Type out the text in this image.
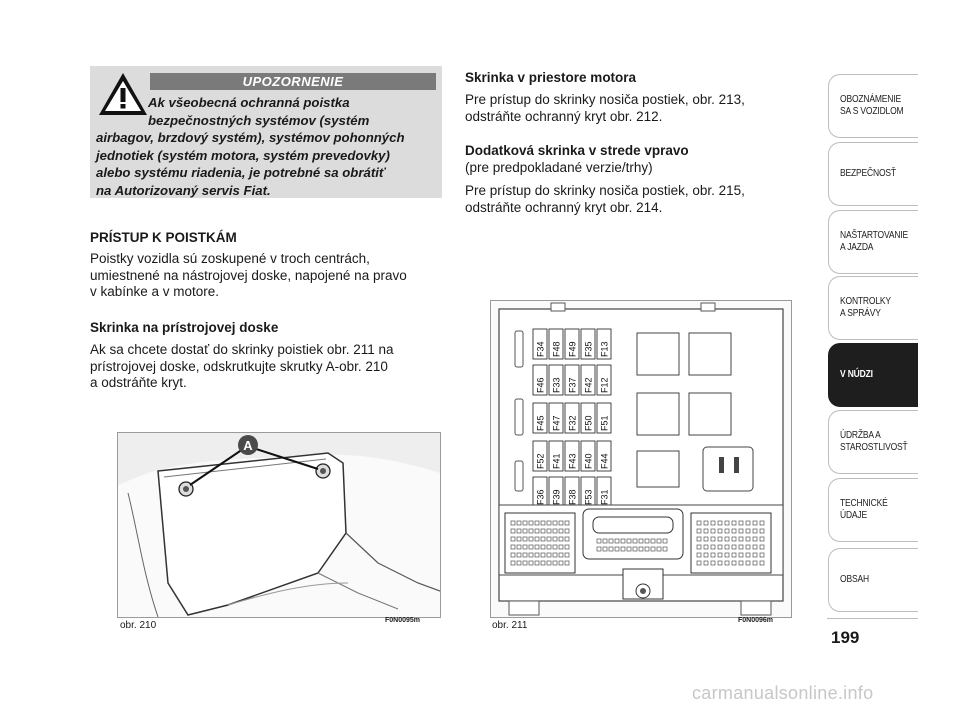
UPOZORNENIE
Ak všeobecná ochranná poistka
bezpečnostných systémov (systém
airbagov, brzdový systém), systémov pohonných
jednotiek (systém motora, systém prevedovky)
alebo systému riadenia, je potrebné sa obrátiť
na Autorizovaný servis Fiat.
PRÍSTUP K POISTKÁM
Poistky vozidla sú zoskupené v troch centrách,
umiestnené na nástrojovej doske, napojené na pravo
v kabínke a v motore.
Skrinka na prístrojovej doske
Ak sa chcete dostať do skrinky poistiek obr. 211 na
prístrojovej doske, odskrutkujte skrutky A-obr. 210
a odstráňte kryt.
Skrinka v priestore motora
Pre prístup do skrinky nosiča postiek, obr. 213,
odstráňte ochranný kryt obr. 212.
Dodatková skrinka v strede vpravo
(pre predpokladané verzie/trhy)
Pre prístup do skrinky nosiča postiek, obr. 215,
odstráňte ochranný kryt obr. 214.
A
obr. 210	F0N0095m
F36
F52
F45
F46
F34
F39
F41
F47
F33
F48
F38
F43
F32
F37
F49
F53
F40
F50
F42
F35
F31
F44
F51
F12
F13
obr. 211	F0N0096m
OBOZNÁMENIE
SA S VOZIDLOM
BEZPEČNOSŤ
NAŠTARTOVANIE
A JAZDA
KONTROLKY
A SPRÁVY
V NÚDZI
ÚDRŽBA A
STAROSTLIVOSŤ
TECHNICKÉ
ÚDAJE
OBSAH
199
carmanualsonline.info
